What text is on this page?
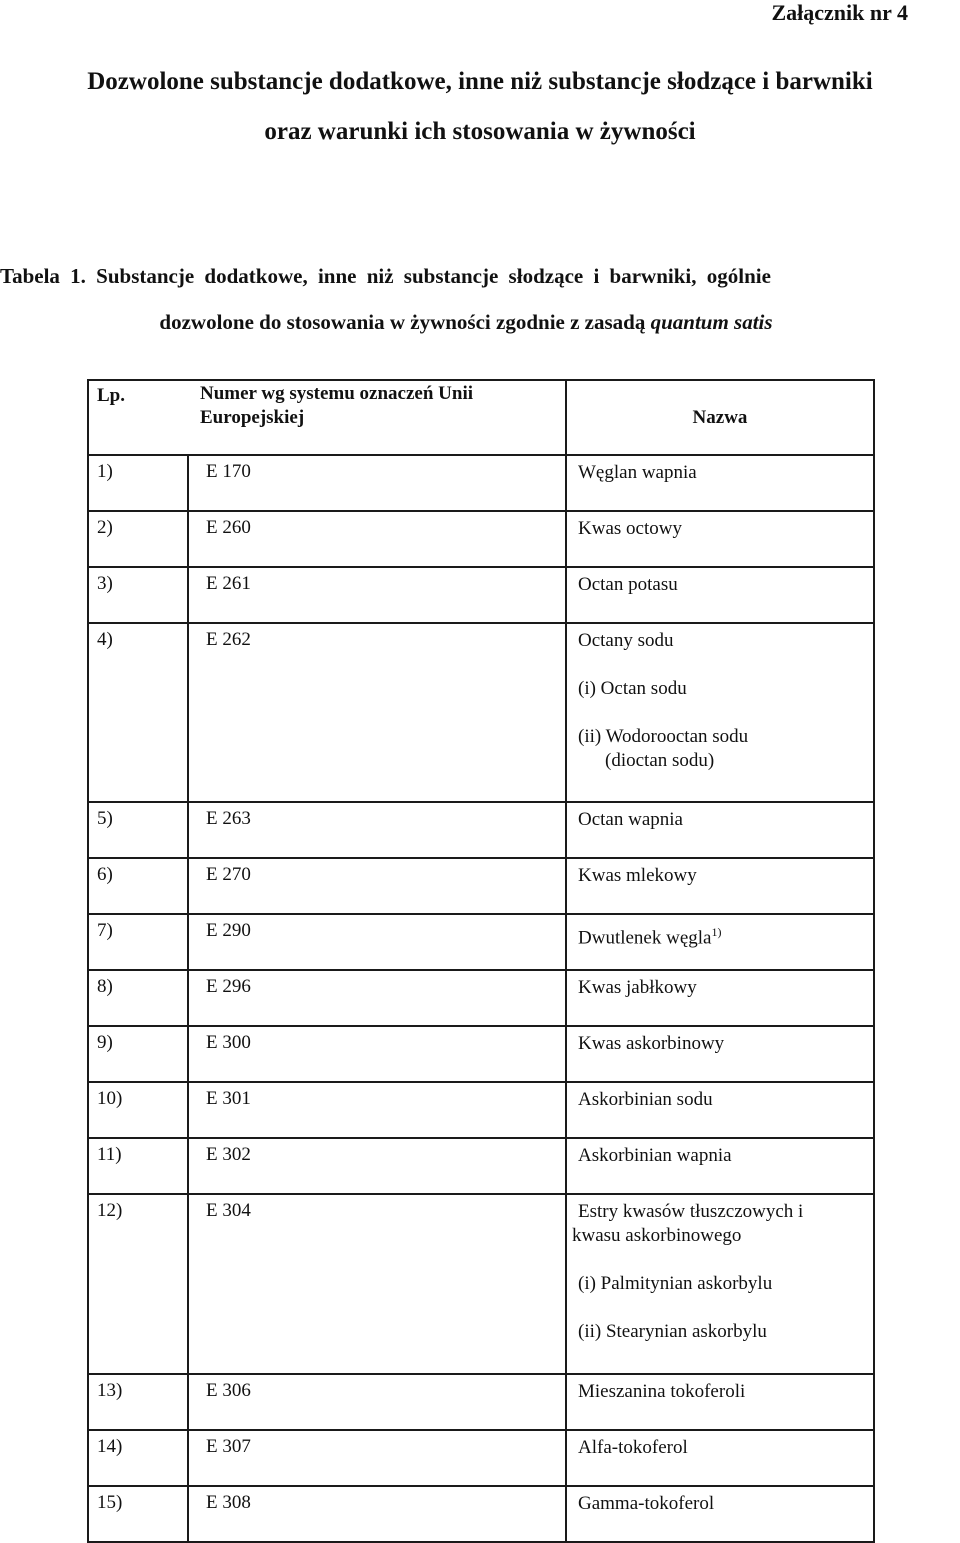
Załącznik nr 4
Dozwolone substancje dodatkowe, inne niż substancje słodzące i barwniki
oraz warunki ich stosowania w żywności
Tabela 1. Substancje dodatkowe, inne niż substancje słodzące i barwniki, ogólnie
dozwolone do stosowania w żywności zgodnie z zasadą quantum satis
Lp.	Numer wg systemu oznaczeń Unii Europejskiej	Nazwa
1)	E 170	Węglan wapnia
2)	E 260	Kwas octowy
3)	E 261	Octan potasu
4)	E 262	Octany sodu
(i) Octan sodu
(ii) Wodorooctan sodu
(dioctan sodu)

5)	E 263	Octan wapnia
6)	E 270	Kwas mlekowy
7)	E 290	Dwutlenek węgla$^{1)}$
8)	E 296	Kwas jabłkowy
9)	E 300	Kwas askorbinowy
10)	E 301	Askorbinian sodu
11)	E 302	Askorbinian wapnia
12)	E 304	Estry kwasów tłuszczowych i
kwasu askorbinowego
(i) Palmitynian askorbylu
(ii) Stearynian askorbylu

13)	E 306	Mieszanina tokoferoli
14)	E 307	Alfa-tokoferol
15)	E 308	Gamma-tokoferol
